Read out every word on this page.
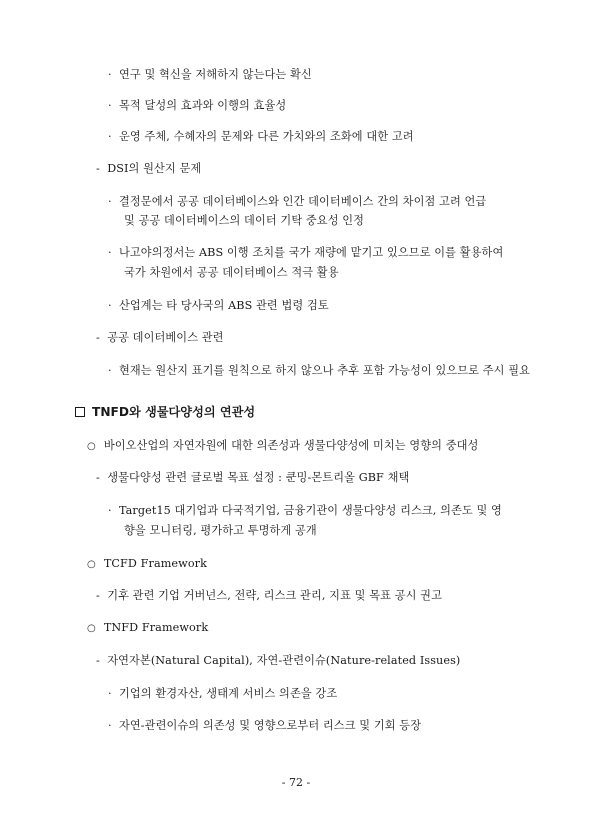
· 연구 및 혁신을 저해하지 않는다는 확신
· 목적 달성의 효과와 이행의 효율성
· 운영 주체, 수혜자의 문제와 다른 가치와의 조화에 대한 고려
- DSI의 원산지 문제
· 결정문에서 공공 데이터베이스와 인간 데이터베이스 간의 차이점 고려 언급
및 공공 데이터베이스의 데이터 기탁 중요성 인정
· 나고야의정서는 ABS 이행 조치를 국가 재량에 맡기고 있으므로 이를 활용하여
국가 차원에서 공공 데이터베이스 적극 활용
· 산업계는 타 당사국의 ABS 관련 법령 검토
- 공공 데이터베이스 관련
· 현재는 원산지 표기를 원칙으로 하지 않으나 추후 포함 가능성이 있으므로 주시 필요
TNFD와 생물다양성의 연관성
○ 바이오산업의 자연자원에 대한 의존성과 생물다양성에 미치는 영향의 중대성
- 생물다양성 관련 글로벌 목표 설정 : 쿤밍-몬트리올 GBF 채택
· Target15 대기업과 다국적기업, 금융기관이 생물다양성 리스크, 의존도 및 영
향을 모니터링, 평가하고 투명하게 공개
○ TCFD Framework
- 기후 관련 기업 거버넌스, 전략, 리스크 관리, 지표 및 목표 공시 권고
○ TNFD Framework
- 자연자본(Natural Capital), 자연-관련이슈(Nature-related Issues)
· 기업의 환경자산, 생태계 서비스 의존을 강조
· 자연-관련이슈의 의존성 및 영향으로부터 리스크 및 기회 등장
- 72 -
